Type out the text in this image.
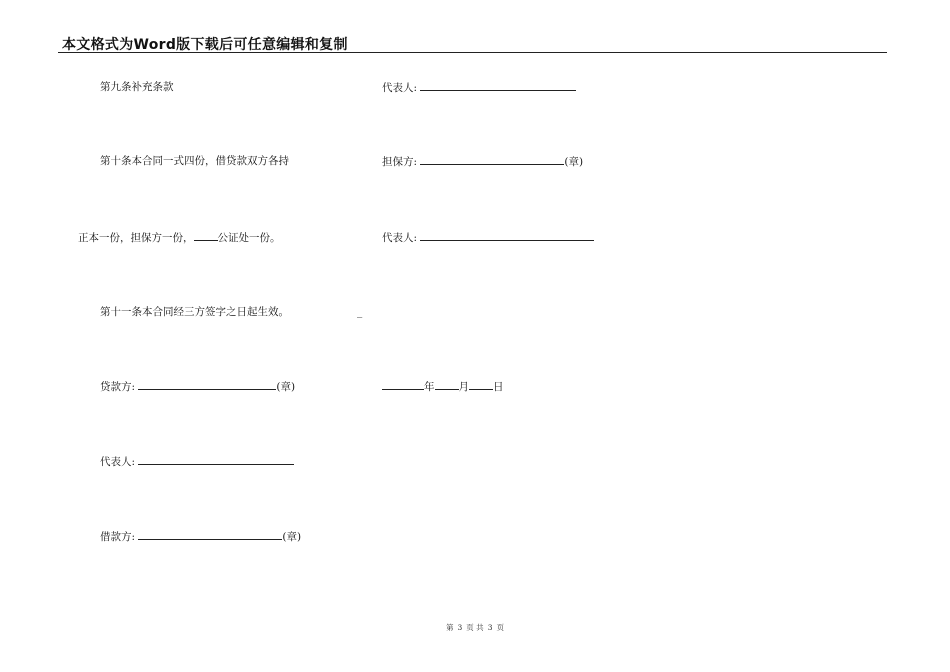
本文格式为Word版下载后可任意编辑和复制
第九条补充条款
第十条本合同一式四份，借贷款双方各持
正本一份，担保方一份， 公证处一份。
第十一条本合同经三方签字之日起生效。
贷款方:	(章)
代表人:
借款方:	(章)
代表人:
担保方:	(章)
代表人:
_
年 月 日
第 3 页 共 3 页
